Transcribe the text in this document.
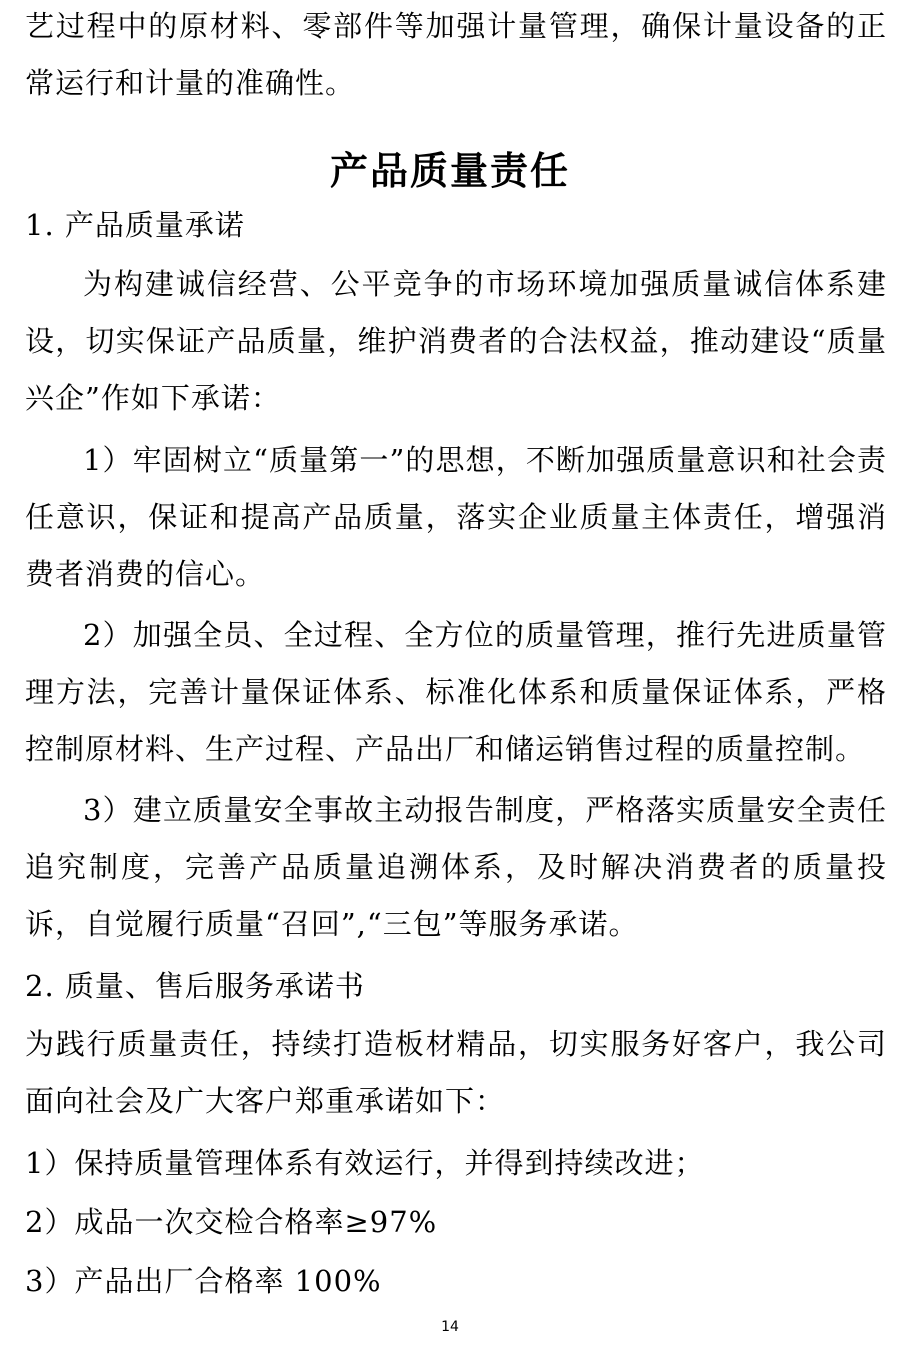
艺过程中的原材料、零部件等加强计量管理，确保计量设备的正常运行和计量的准确性。

产品质量责任

1. 产品质量承诺

为构建诚信经营、公平竞争的市场环境加强质量诚信体系建设，切实保证产品质量，维护消费者的合法权益，推动建设“质量兴企”作如下承诺：

1）牢固树立“质量第一”的思想，不断加强质量意识和社会责任意识，保证和提高产品质量，落实企业质量主体责任，增强消费者消费的信心。

2）加强全员、全过程、全方位的质量管理，推行先进质量管理方法，完善计量保证体系、标准化体系和质量保证体系，严格控制原材料、生产过程、产品出厂和储运销售过程的质量控制。

3）建立质量安全事故主动报告制度，严格落实质量安全责任追究制度，完善产品质量追溯体系，及时解决消费者的质量投诉，自觉履行质量“召回”,“三包”等服务承诺。

2. 质量、售后服务承诺书

为践行质量责任，持续打造板材精品，切实服务好客户，我公司面向社会及广大客户郑重承诺如下：

1）保持质量管理体系有效运行，并得到持续改进；

2）成品一次交检合格率≥97%

3）产品出厂合格率 100%

14
